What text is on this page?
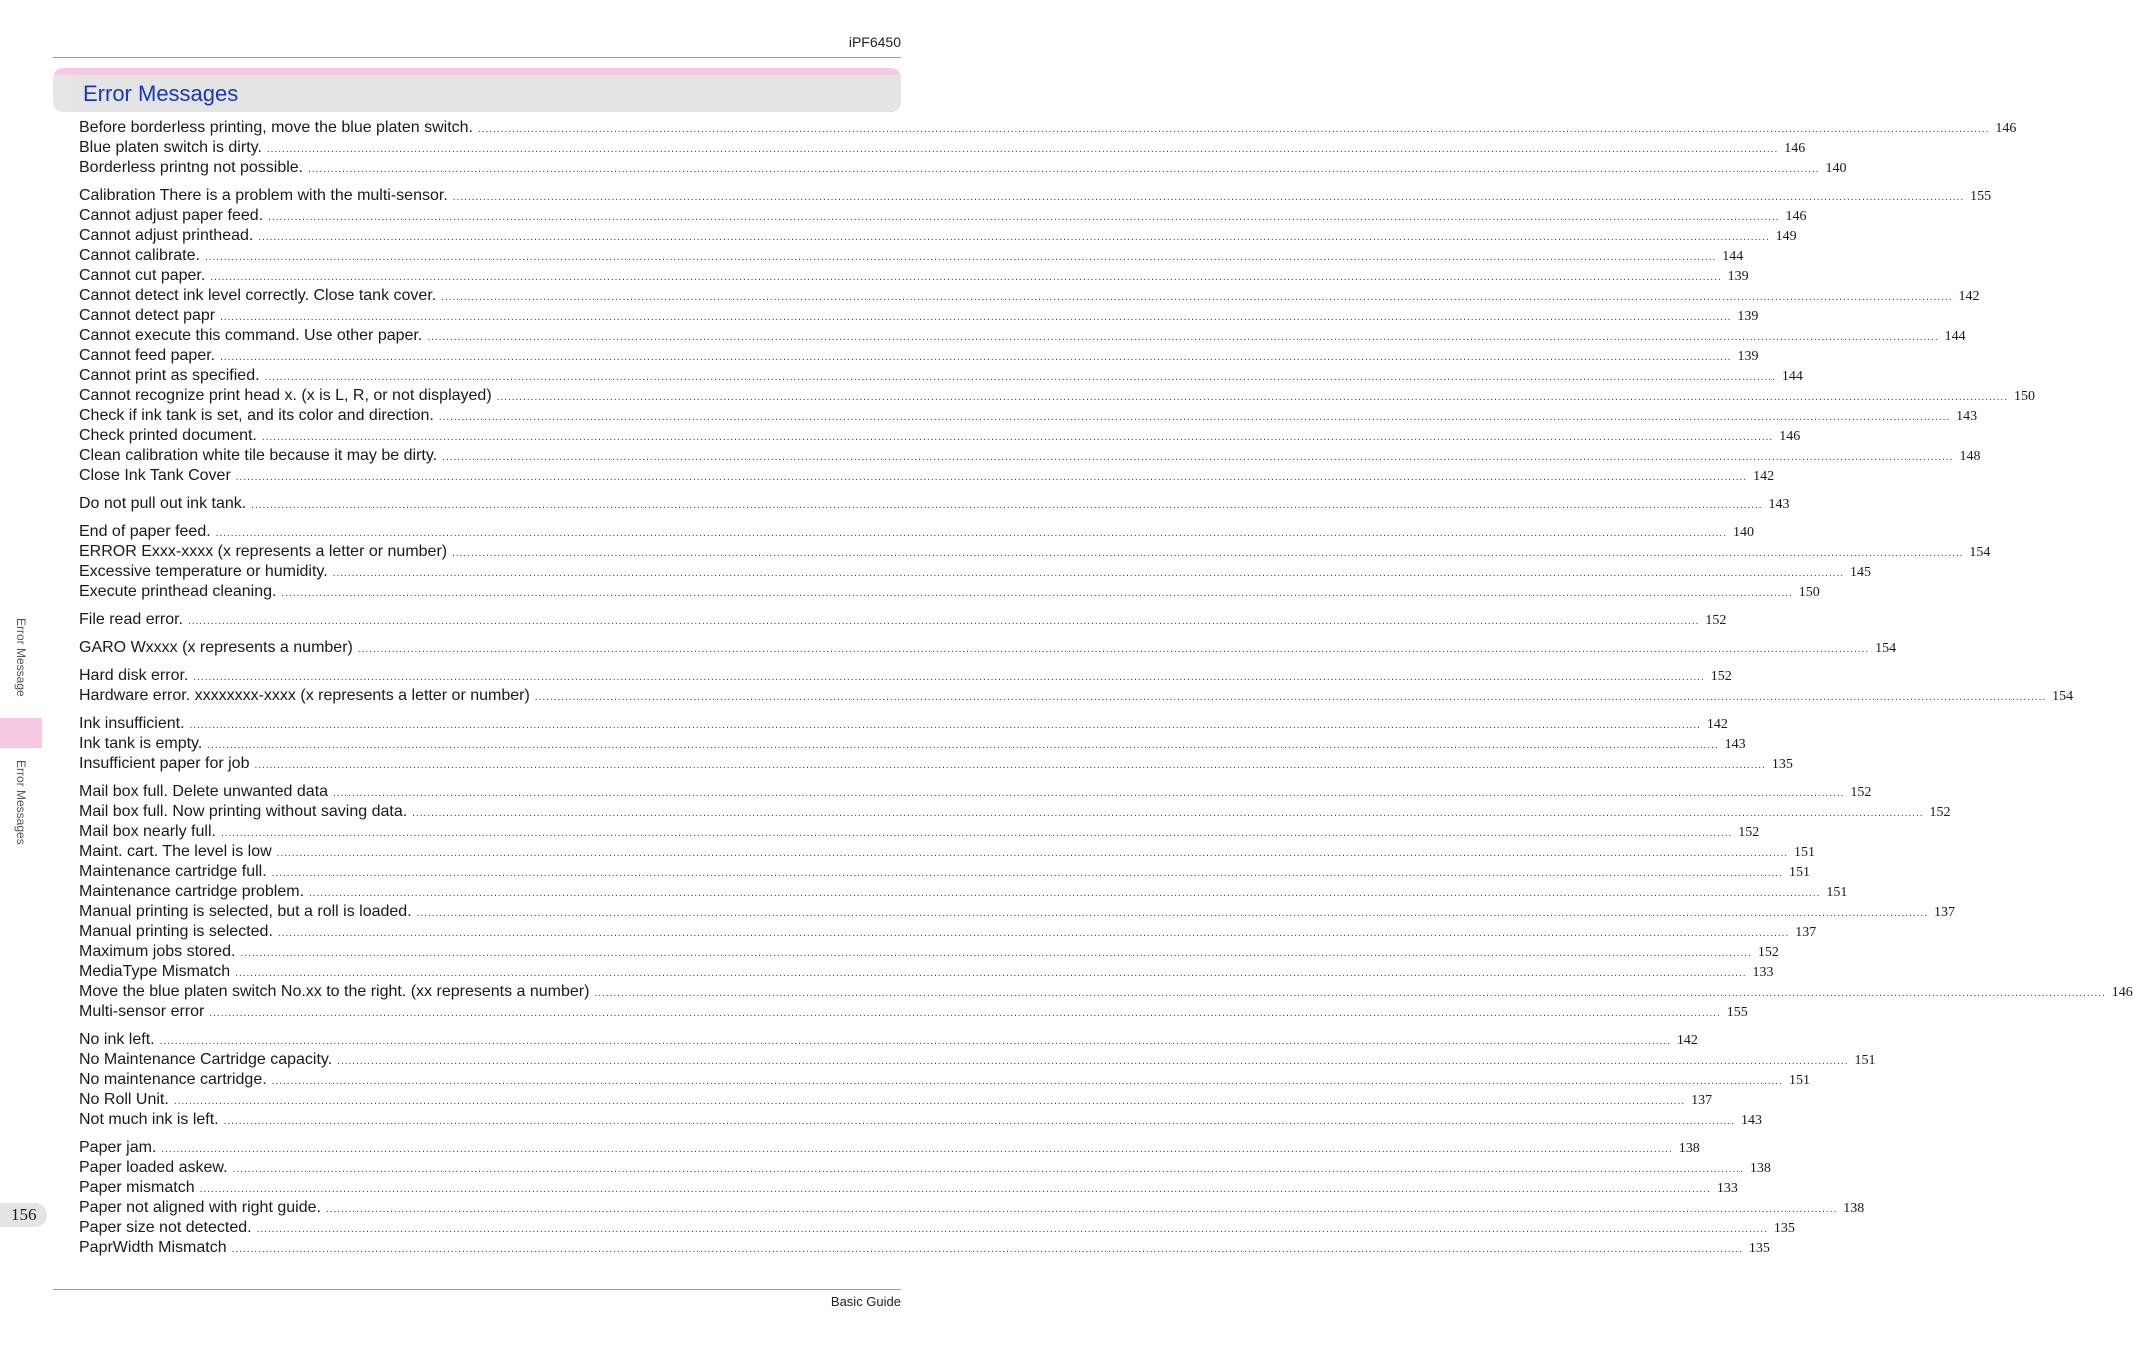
iPF6450
Error Messages
Before borderless printing, move the blue platen switch. ................................................................................................................................................................................................................................................................................................................................................................................................................ 146
Blue platen switch is dirty. ................................................................................................................................................................................................................................................................................................................................................................................................................ 146
Borderless printng not possible. ................................................................................................................................................................................................................................................................................................................................................................................................................ 140
Calibration There is a problem with the multi-sensor. ................................................................................................................................................................................................................................................................................................................................................................................................................ 155
Cannot adjust paper feed. ................................................................................................................................................................................................................................................................................................................................................................................................................ 146
Cannot adjust printhead. ................................................................................................................................................................................................................................................................................................................................................................................................................ 149
Cannot calibrate. ................................................................................................................................................................................................................................................................................................................................................................................................................ 144
Cannot cut paper. ................................................................................................................................................................................................................................................................................................................................................................................................................ 139
Cannot detect ink level correctly. Close tank cover. ................................................................................................................................................................................................................................................................................................................................................................................................................ 142
Cannot detect papr ................................................................................................................................................................................................................................................................................................................................................................................................................ 139
Cannot execute this command. Use other paper. ................................................................................................................................................................................................................................................................................................................................................................................................................ 144
Cannot feed paper. ................................................................................................................................................................................................................................................................................................................................................................................................................ 139
Cannot print as specified. ................................................................................................................................................................................................................................................................................................................................................................................................................ 144
Cannot recognize print head x. (x is L, R, or not displayed) ................................................................................................................................................................................................................................................................................................................................................................................................................ 150
Check if ink tank is set, and its color and direction. ................................................................................................................................................................................................................................................................................................................................................................................................................ 143
Check printed document. ................................................................................................................................................................................................................................................................................................................................................................................................................ 146
Clean calibration white tile because it may be dirty. ................................................................................................................................................................................................................................................................................................................................................................................................................ 148
Close Ink Tank Cover ................................................................................................................................................................................................................................................................................................................................................................................................................ 142
Do not pull out ink tank. ................................................................................................................................................................................................................................................................................................................................................................................................................ 143
End of paper feed. ................................................................................................................................................................................................................................................................................................................................................................................................................ 140
ERROR Exxx-xxxx (x represents a letter or number) ................................................................................................................................................................................................................................................................................................................................................................................................................ 154
Excessive temperature or humidity. ................................................................................................................................................................................................................................................................................................................................................................................................................ 145
Execute printhead cleaning. ................................................................................................................................................................................................................................................................................................................................................................................................................ 150
File read error. ................................................................................................................................................................................................................................................................................................................................................................................................................ 152
GARO Wxxxx (x represents a number) ................................................................................................................................................................................................................................................................................................................................................................................................................ 154
Hard disk error. ................................................................................................................................................................................................................................................................................................................................................................................................................ 152
Hardware error. xxxxxxxx-xxxx (x represents a letter or number) ................................................................................................................................................................................................................................................................................................................................................................................................................ 154
Ink insufficient. ................................................................................................................................................................................................................................................................................................................................................................................................................ 142
Ink tank is empty. ................................................................................................................................................................................................................................................................................................................................................................................................................ 143
Insufficient paper for job ................................................................................................................................................................................................................................................................................................................................................................................................................ 135
Mail box full. Delete unwanted data ................................................................................................................................................................................................................................................................................................................................................................................................................ 152
Mail box full. Now printing without saving data. ................................................................................................................................................................................................................................................................................................................................................................................................................ 152
Mail box nearly full. ................................................................................................................................................................................................................................................................................................................................................................................................................ 152
Maint. cart. The level is low ................................................................................................................................................................................................................................................................................................................................................................................................................ 151
Maintenance cartridge full. ................................................................................................................................................................................................................................................................................................................................................................................................................ 151
Maintenance cartridge problem. ................................................................................................................................................................................................................................................................................................................................................................................................................ 151
Manual printing is selected, but a roll is loaded. ................................................................................................................................................................................................................................................................................................................................................................................................................ 137
Manual printing is selected. ................................................................................................................................................................................................................................................................................................................................................................................................................ 137
Maximum jobs stored. ................................................................................................................................................................................................................................................................................................................................................................................................................ 152
MediaType Mismatch ................................................................................................................................................................................................................................................................................................................................................................................................................ 133
Move the blue platen switch No.xx to the right. (xx represents a number) ................................................................................................................................................................................................................................................................................................................................................................................................................ 146
Multi-sensor error ................................................................................................................................................................................................................................................................................................................................................................................................................ 155
No ink left. ................................................................................................................................................................................................................................................................................................................................................................................................................ 142
No Maintenance Cartridge capacity. ................................................................................................................................................................................................................................................................................................................................................................................................................ 151
No maintenance cartridge. ................................................................................................................................................................................................................................................................................................................................................................................................................ 151
No Roll Unit. ................................................................................................................................................................................................................................................................................................................................................................................................................ 137
Not much ink is left. ................................................................................................................................................................................................................................................................................................................................................................................................................ 143
Paper jam. ................................................................................................................................................................................................................................................................................................................................................................................................................ 138
Paper loaded askew. ................................................................................................................................................................................................................................................................................................................................................................................................................ 138
Paper mismatch ................................................................................................................................................................................................................................................................................................................................................................................................................ 133
Paper not aligned with right guide. ................................................................................................................................................................................................................................................................................................................................................................................................................ 138
Paper size not detected. ................................................................................................................................................................................................................................................................................................................................................................................................................ 135
PaprWidth Mismatch ................................................................................................................................................................................................................................................................................................................................................................................................................ 135
Error Message
Error Messages
156
Basic Guide
